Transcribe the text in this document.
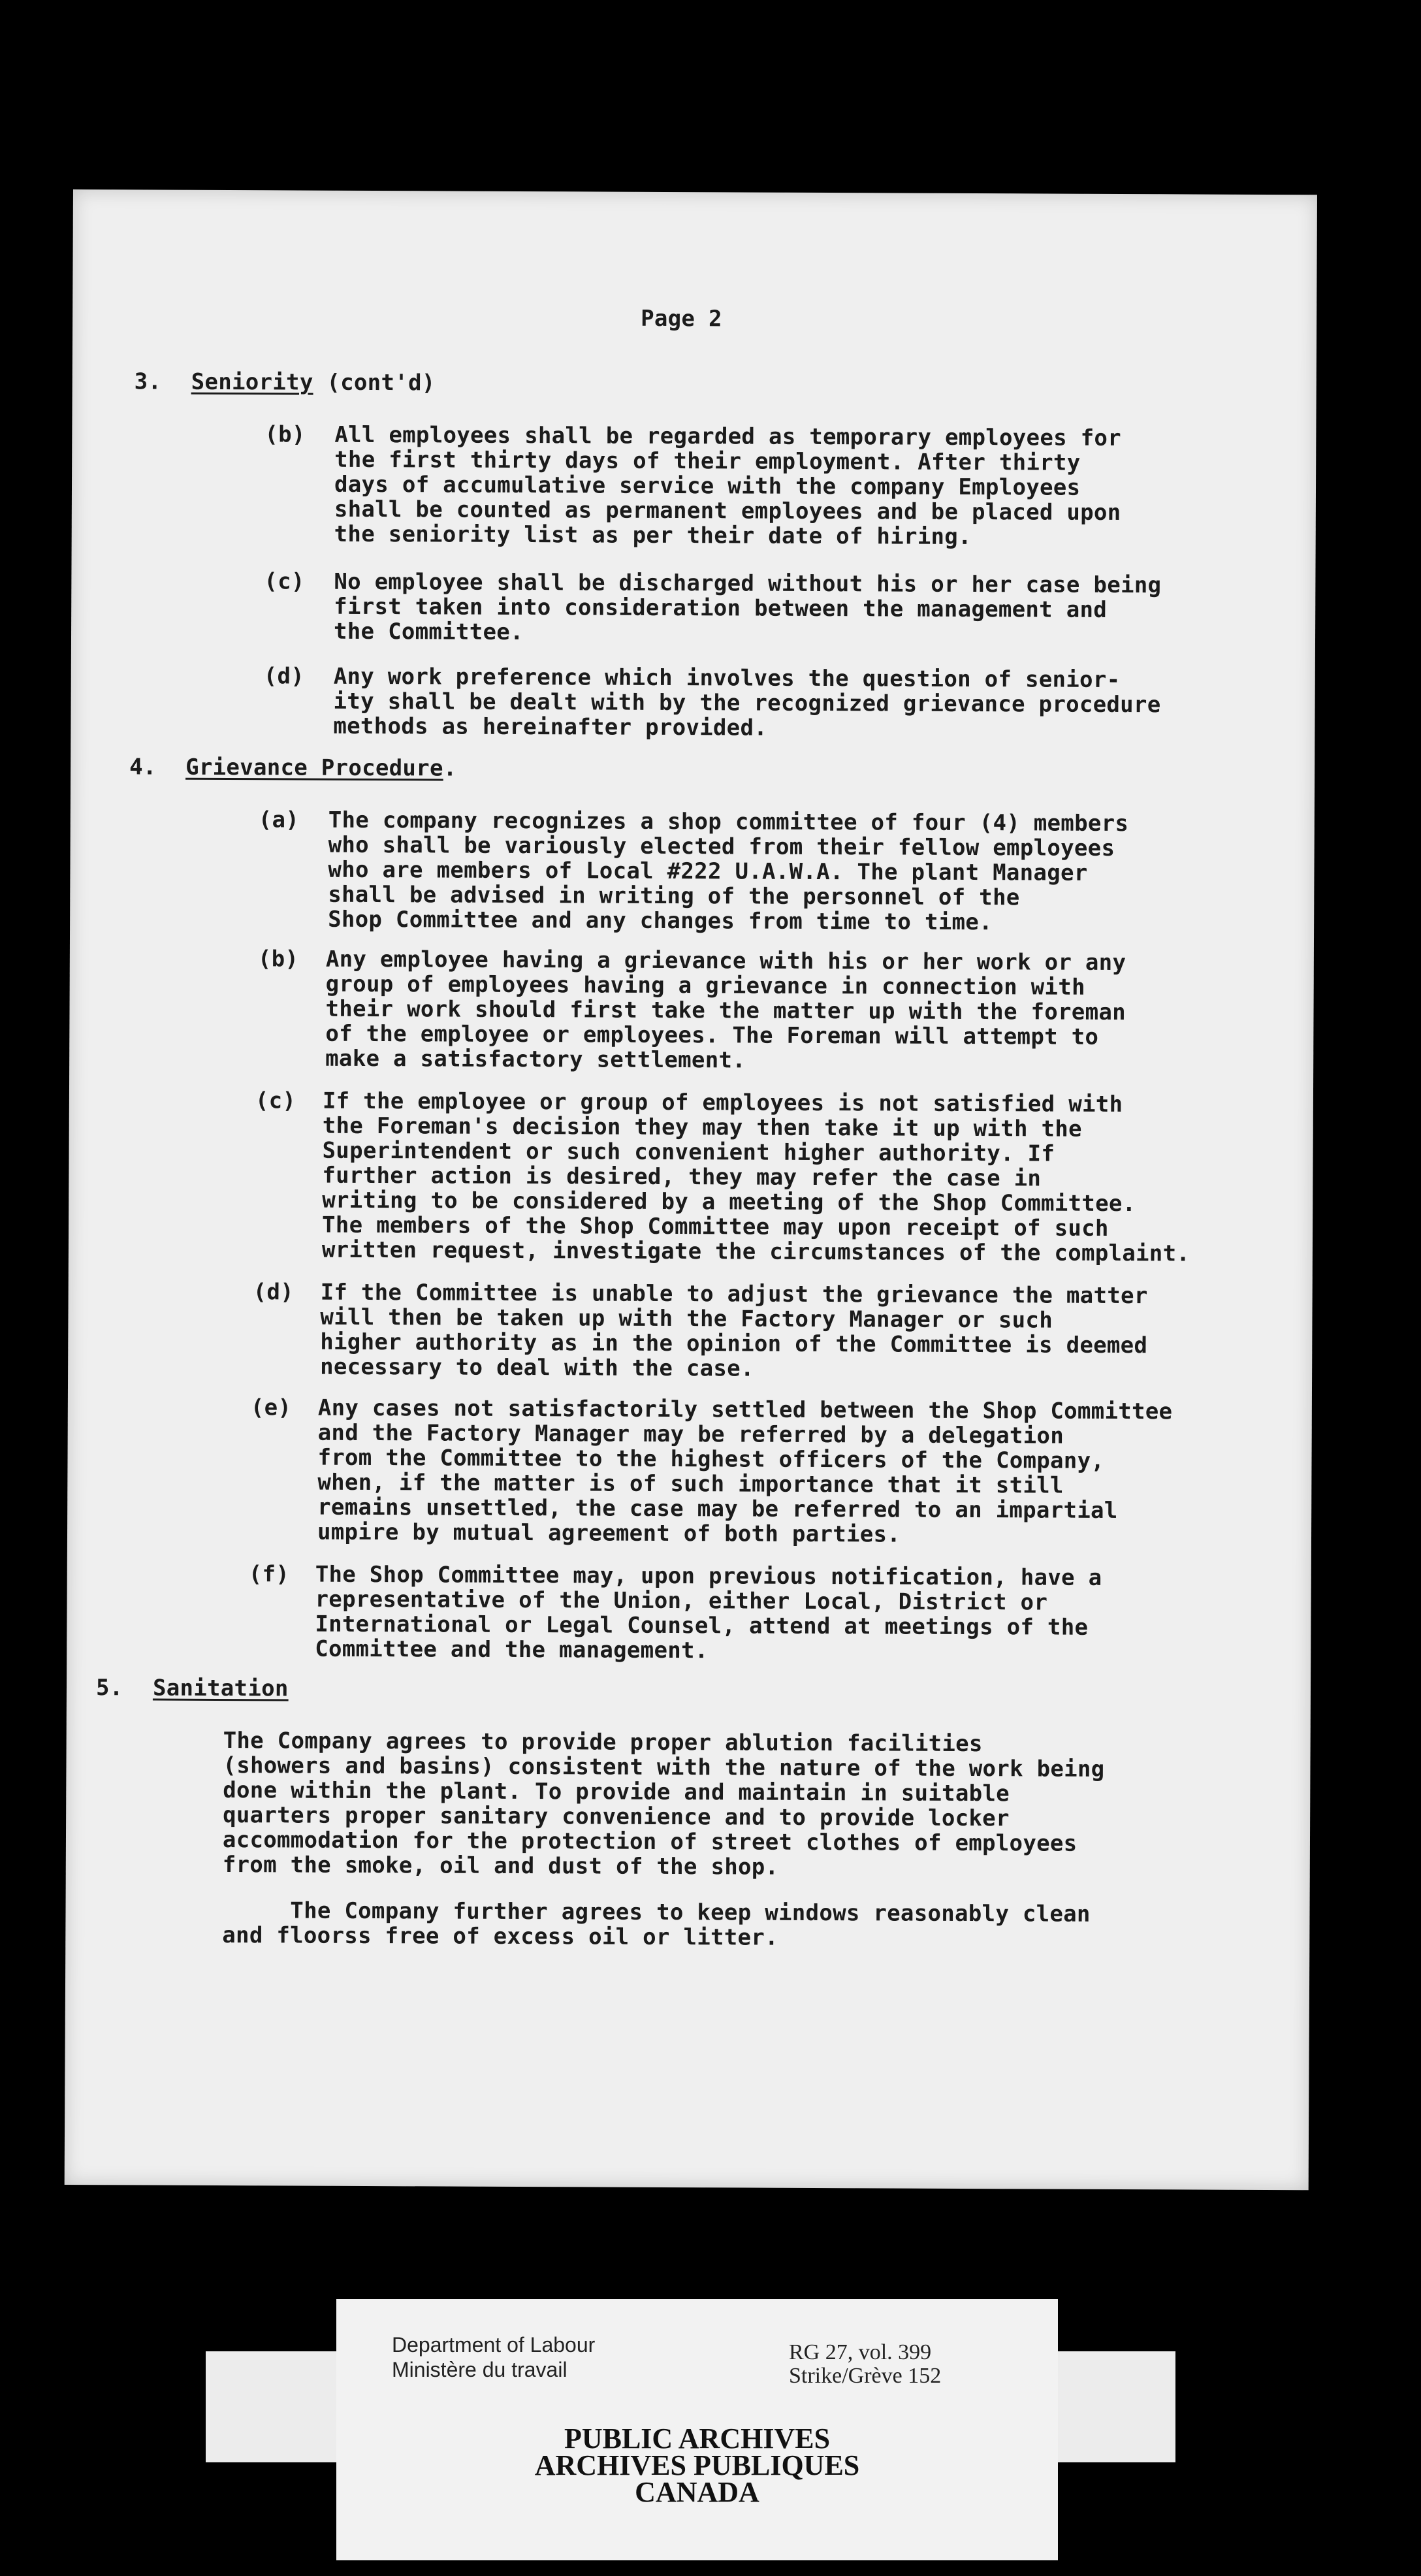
Page 2
3. Seniority (cont'd)
(b) All employees shall be regarded as temporary employees for
the first thirty days of their employment. After thirty
days of accumulative service with the company Employees
shall be counted as permanent employees and be placed upon
the seniority list as per their date of hiring.
(c) No employee shall be discharged without his or her case being
first taken into consideration between the management and
the Committee.
(d) Any work preference which involves the question of senior-
ity shall be dealt with by the recognized grievance procedure
methods as hereinafter provided.
4. Grievance Procedure.
(a) The company recognizes a shop committee of four (4) members
who shall be variously elected from their fellow employees
who are members of Local #222 U.A.W.A. The plant Manager
shall be advised in writing of the personnel of the
Shop Committee and any changes from time to time.
(b) Any employee having a grievance with his or her work or any
group of employees having a grievance in connection with
their work should first take the matter up with the foreman
of the employee or employees. The Foreman will attempt to
make a satisfactory settlement.
(c) If the employee or group of employees is not satisfied with
the Foreman's decision they may then take it up with the
Superintendent or such convenient higher authority. If
further action is desired, they may refer the case in
writing to be considered by a meeting of the Shop Committee.
The members of the Shop Committee may upon receipt of such
written request, investigate the circumstances of the complaint.
(d) If the Committee is unable to adjust the grievance the matter
will then be taken up with the Factory Manager or such
higher authority as in the opinion of the Committee is deemed
necessary to deal with the case.
(e) Any cases not satisfactorily settled between the Shop Committee
and the Factory Manager may be referred by a delegation
from the Committee to the highest officers of the Company,
when, if the matter is of such importance that it still
remains unsettled, the case may be referred to an impartial
umpire by mutual agreement of both parties.
(f) The Shop Committee may, upon previous notification, have a
representative of the Union, either Local, District or
International or Legal Counsel, attend at meetings of the
Committee and the management.
5. Sanitation
The Company agrees to provide proper ablution facilities
(showers and basins) consistent with the nature of the work being
done within the plant. To provide and maintain in suitable
quarters proper sanitary convenience and to provide locker
accommodation for the protection of street clothes of employees
from the smoke, oil and dust of the shop.
The Company further agrees to keep windows reasonably clean
and floorss free of excess oil or litter.
Department of Labour
Ministère du travail
RG 27, vol. 399
Strike/Grève 152
PUBLIC ARCHIVES
ARCHIVES PUBLIQUES
CANADA
